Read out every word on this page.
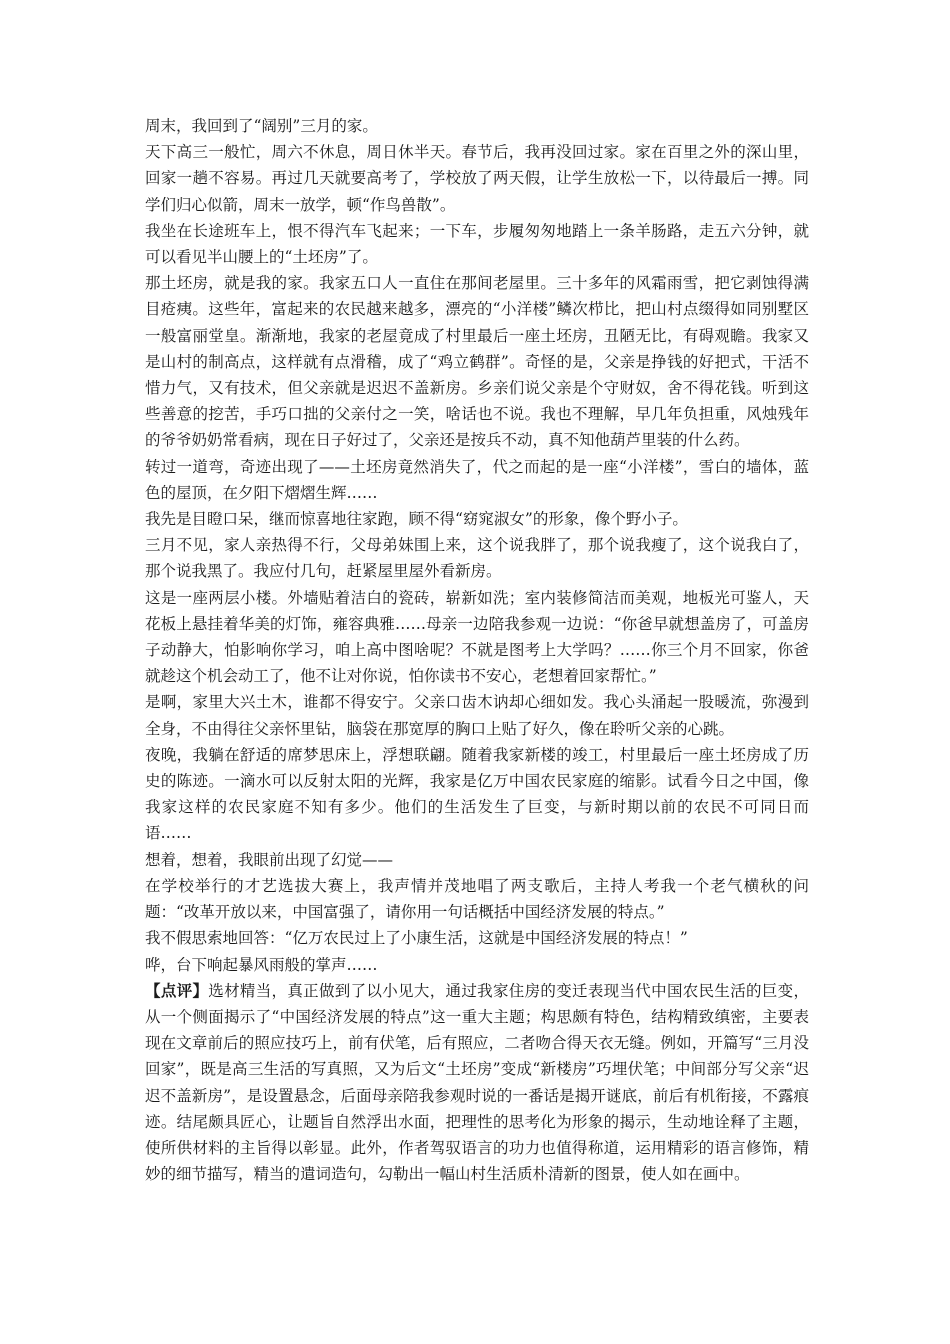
周末，我回到了“阔别”三月的家。

天下高三一般忙，周六不休息，周日休半天。春节后，我再没回过家。家在百里之外的深山里，回家一趟不容易。再过几天就要高考了，学校放了两天假，让学生放松一下，以待最后一搏。同学们归心似箭，周末一放学，顿“作鸟兽散”。

我坐在长途班车上，恨不得汽车飞起来；一下车，步履匆匆地踏上一条羊肠路，走五六分钟，就可以看见半山腰上的“土坯房”了。

那土坯房，就是我的家。我家五口人一直住在那间老屋里。三十多年的风霜雨雪，把它剥蚀得满目疮痍。这些年，富起来的农民越来越多，漂亮的“小洋楼”鳞次栉比，把山村点缀得如同别墅区一般富丽堂皇。渐渐地，我家的老屋竟成了村里最后一座土坯房，丑陋无比，有碍观瞻。我家又是山村的制高点，这样就有点滑稽，成了“鸡立鹤群”。奇怪的是，父亲是挣钱的好把式，干活不惜力气，又有技术，但父亲就是迟迟不盖新房。乡亲们说父亲是个守财奴，舍不得花钱。听到这些善意的挖苦，手巧口拙的父亲付之一笑，啥话也不说。我也不理解，早几年负担重，风烛残年的爷爷奶奶常看病，现在日子好过了，父亲还是按兵不动，真不知他葫芦里装的什么药。

转过一道弯，奇迹出现了——土坯房竟然消失了，代之而起的是一座“小洋楼”，雪白的墙体，蓝色的屋顶，在夕阳下熠熠生辉……

我先是目瞪口呆，继而惊喜地往家跑，顾不得“窈窕淑女”的形象，像个野小子。

三月不见，家人亲热得不行，父母弟妹围上来，这个说我胖了，那个说我瘦了，这个说我白了，那个说我黑了。我应付几句，赶紧屋里屋外看新房。

这是一座两层小楼。外墙贴着洁白的瓷砖，崭新如洗；室内装修简洁而美观，地板光可鉴人，天花板上悬挂着华美的灯饰，雍容典雅……母亲一边陪我参观一边说：“你爸早就想盖房了，可盖房子动静大，怕影响你学习，咱上高中图啥呢？不就是图考上大学吗？……你三个月不回家，你爸就趁这个机会动工了，他不让对你说，怕你读书不安心，老想着回家帮忙。”

是啊，家里大兴土木，谁都不得安宁。父亲口齿木讷却心细如发。我心头涌起一股暖流，弥漫到全身，不由得往父亲怀里钻，脑袋在那宽厚的胸口上贴了好久，像在聆听父亲的心跳。

夜晚，我躺在舒适的席梦思床上，浮想联翩。随着我家新楼的竣工，村里最后一座土坯房成了历史的陈迹。一滴水可以反射太阳的光辉，我家是亿万中国农民家庭的缩影。试看今日之中国，像我家这样的农民家庭不知有多少。他们的生活发生了巨变，与新时期以前的农民不可同日而语……

想着，想着，我眼前出现了幻觉——

在学校举行的才艺选拔大赛上，我声情并茂地唱了两支歌后，主持人考我一个老气横秋的问题：“改革开放以来，中国富强了，请你用一句话概括中国经济发展的特点。”

我不假思索地回答：“亿万农民过上了小康生活，这就是中国经济发展的特点！”

哗，台下响起暴风雨般的掌声……

【点评】选材精当，真正做到了以小见大，通过我家住房的变迁表现当代中国农民生活的巨变，从一个侧面揭示了“中国经济发展的特点”这一重大主题；构思颇有特色，结构精致缜密，主要表现在文章前后的照应技巧上，前有伏笔，后有照应，二者吻合得天衣无缝。例如，开篇写“三月没回家”，既是高三生活的写真照，又为后文“土坯房”变成“新楼房”巧埋伏笔；中间部分写父亲“迟迟不盖新房”，是设置悬念，后面母亲陪我参观时说的一番话是揭开谜底，前后有机衔接，不露痕迹。结尾颇具匠心，让题旨自然浮出水面，把理性的思考化为形象的揭示，生动地诠释了主题，使所供材料的主旨得以彰显。此外，作者驾驭语言的功力也值得称道，运用精彩的语言修饰，精妙的细节描写，精当的遣词造句，勾勒出一幅山村生活质朴清新的图景，使人如在画中。
